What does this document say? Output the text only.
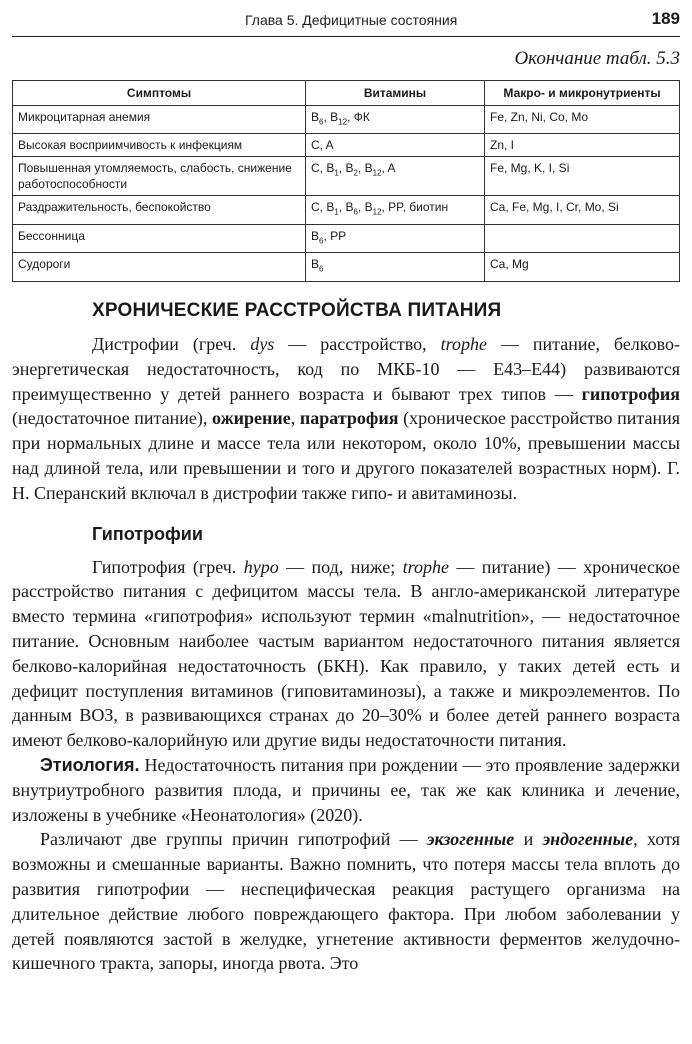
Глава 5. Дефицитные состояния	189
Окончание табл. 5.3
Симптомы	Витамины	Макро- и микронутриенты
Микроцитарная анемия	$B_6$, $B_{12}$, ФК	Fe, Zn, Ni, Co, Mo
Высокая восприимчивость к инфекциям	C, A	Zn, I
Повышенная утомляемость, слабость, снижение работоспособности	C, $B_1$, $B_2$, $B_{12}$, A	Fe, Mg, K, I, Si
Раздражительность, беспокойство	C, $B_1$, $B_6$, $B_{12}$, PP, биотин	Ca, Fe, Mg, I, Cr, Mo, Si
Бессонница	$B_6$, PP	
Судороги	$B_6$	Ca, Mg
ХРОНИЧЕСКИЕ РАССТРОЙСТВА ПИТАНИЯ

Дистрофии (греч. dys — расстройство, trophe — питание, белково-энергетическая недостаточность, код по МКБ-10 — Е43–Е44) развиваются преимущественно у детей раннего возраста и бывают трех типов — гипотрофия (недостаточное питание), ожирение, паратрофия (хроническое расстройство питания при нормальных длине и массе тела или некотором, около 10%, превышении массы над длиной тела, или превышении и того и другого показателей возрастных норм). Г. Н. Сперанский включал в дистрофии также гипо- и авитаминозы.

Гипотрофии

Гипотрофия (греч. hypo — под, ниже; trophe — питание) — хроническое расстройство питания с дефицитом массы тела. В англо-американской литературе вместо термина «гипотрофия» используют термин «malnutrition», — недостаточное питание. Основным наиболее частым вариантом недостаточного питания является белково-калорийная недостаточность (БКН). Как правило, у таких детей есть и дефицит поступления витаминов (гиповитаминозы), а также и микроэлементов. По данным ВОЗ, в развивающихся странах до 20–30% и более детей раннего возраста имеют белково-калорийную или другие виды недостаточности питания.

Этиология. Недостаточность питания при рождении — это проявление задержки внутриутробного развития плода, и причины ее, так же как клиника и лечение, изложены в учебнике «Неонатология» (2020).

Различают две группы причин гипотрофий — экзогенные и эндогенные, хотя возможны и смешанные варианты. Важно помнить, что потеря массы тела вплоть до развития гипотрофии — неспецифическая реакция растущего организма на длительное действие любого повреждающего фактора. При любом заболевании у детей появляются застой в желудке, угнетение активности ферментов желудочно-кишечного тракта, запоры, иногда рвота. Это
